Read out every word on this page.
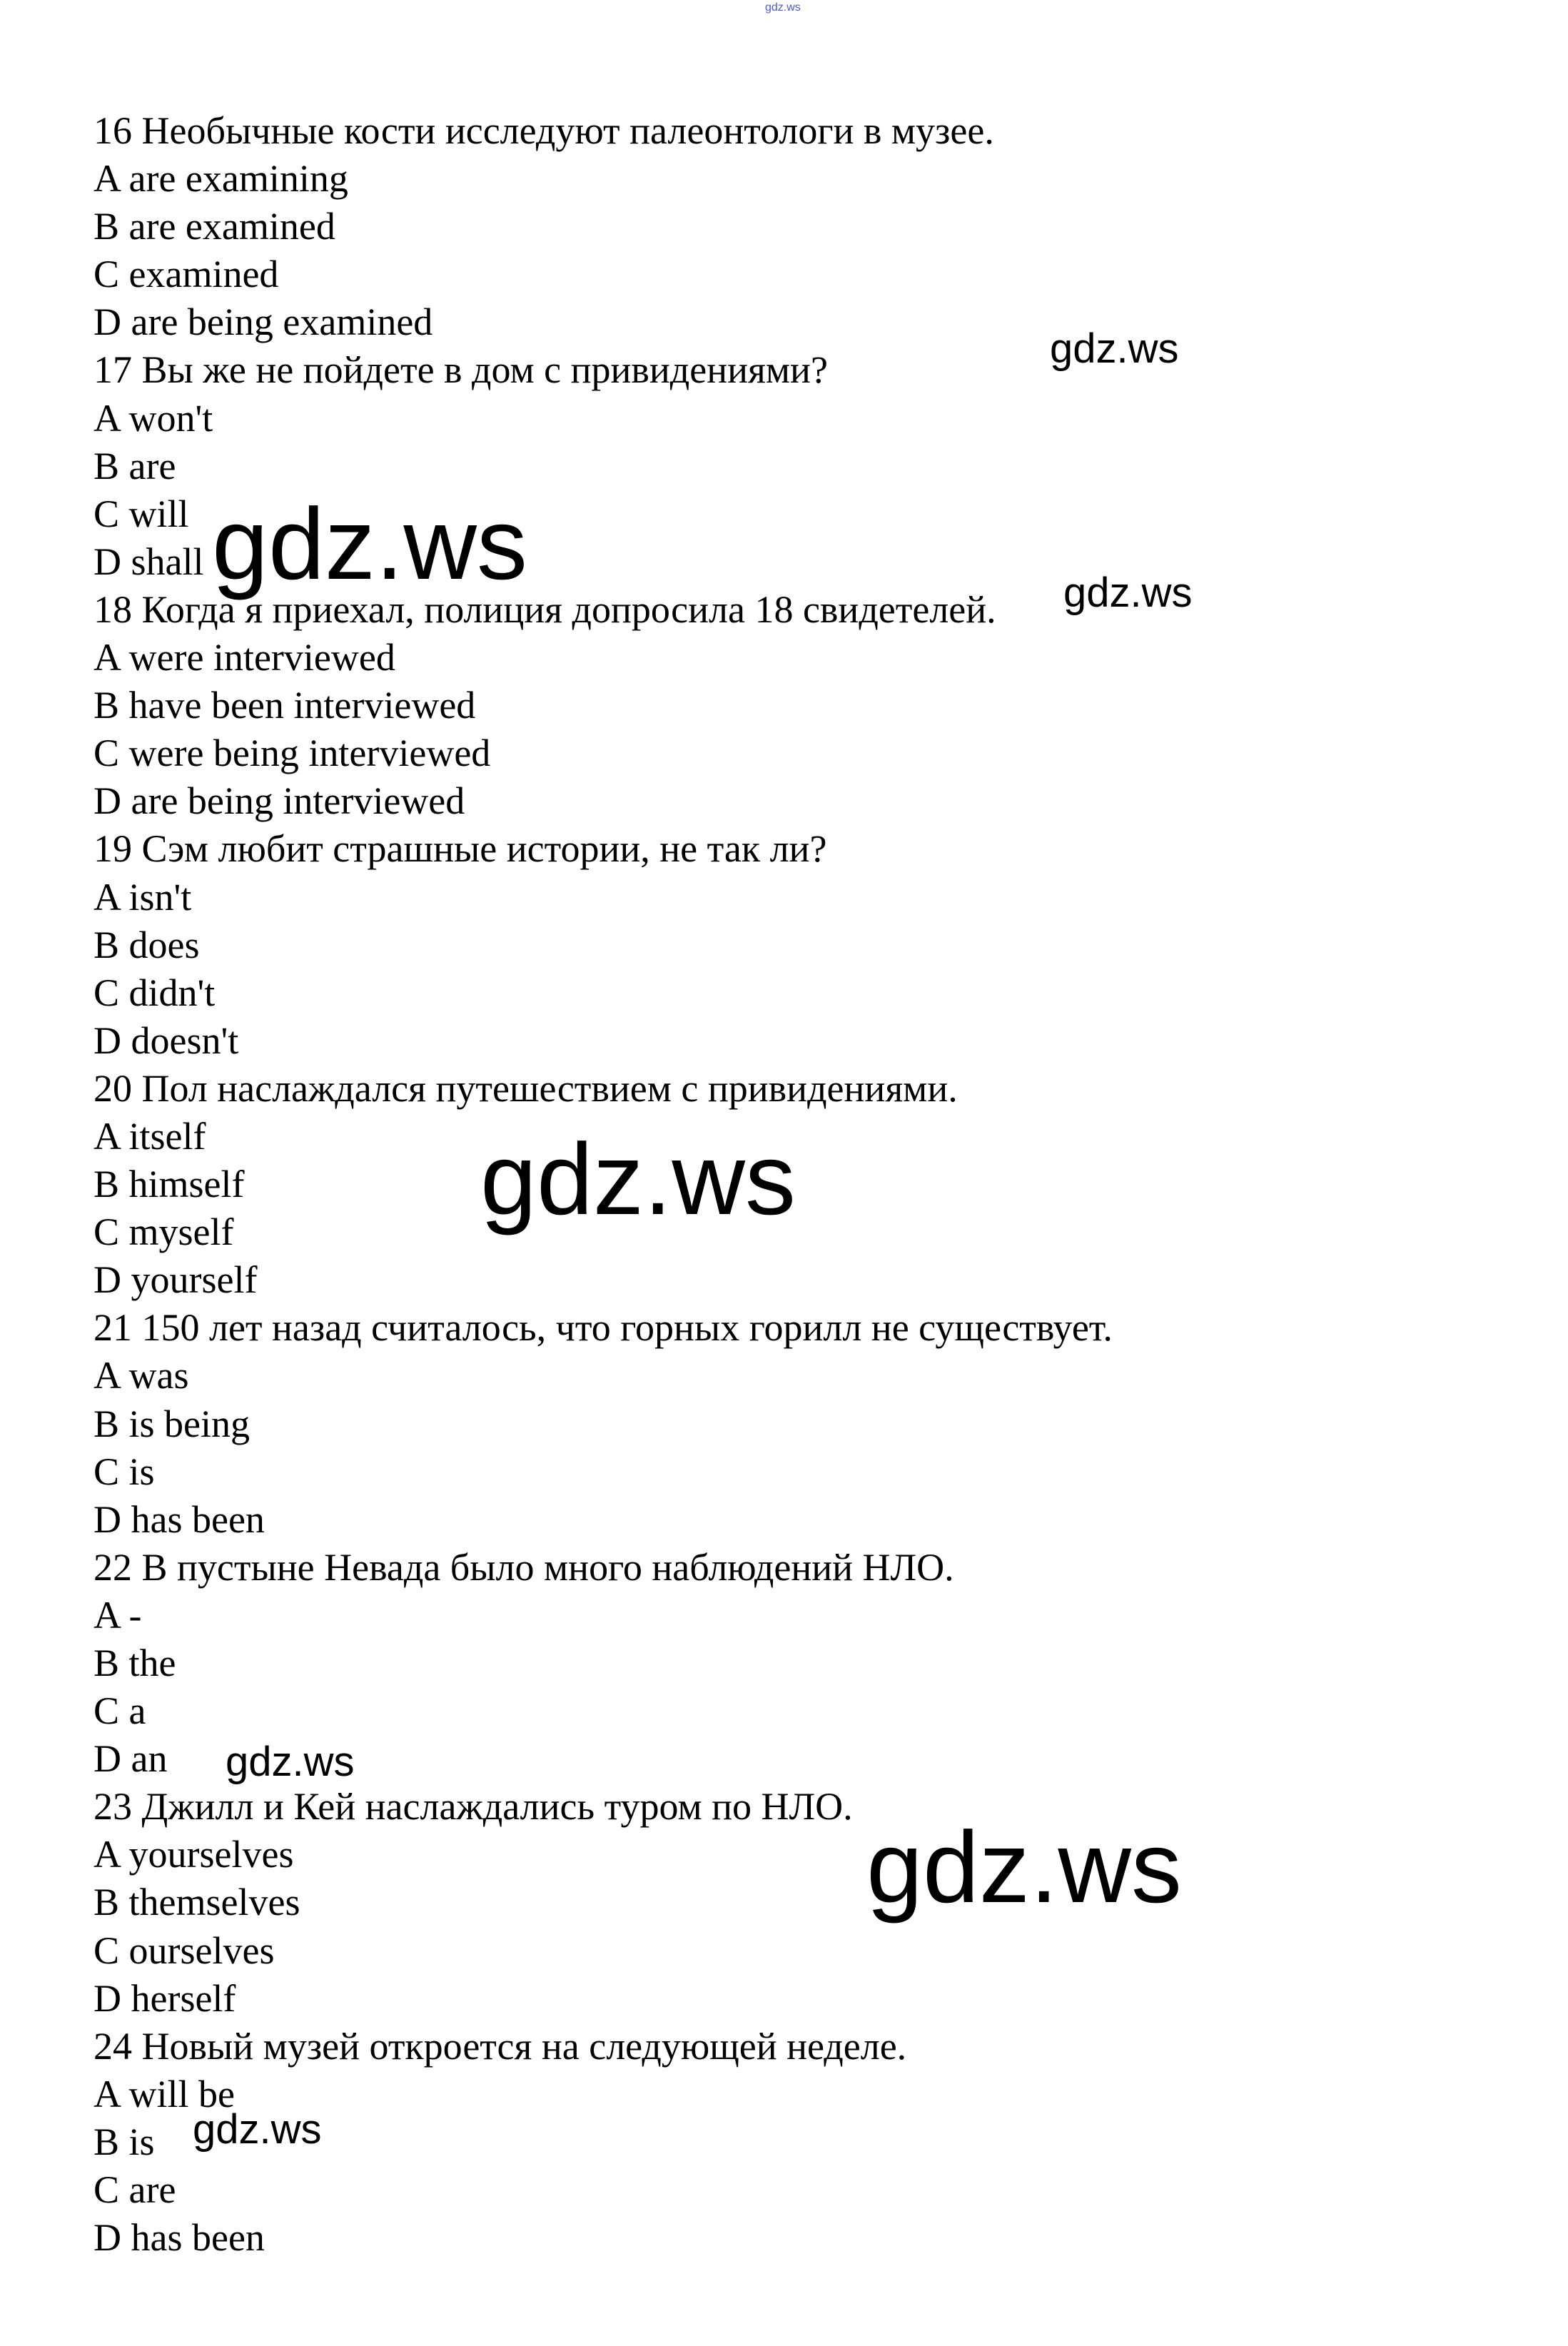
gdz.ws
16 Необычные кости исследуют палеонтологи в музее.
A are examining
B are examined
C examined
D are being examined
17 Вы же не пойдете в дом с привидениями?
A won't
B are
C will
D shall
18 Когда я приехал, полиция допросила 18 свидетелей.
A were interviewed
B have been interviewed
C were being interviewed
D are being interviewed
19 Сэм любит страшные истории, не так ли?
A isn't
B does
C didn't
D doesn't
20 Пол наслаждался путешествием с привидениями.
A itself
B himself
C myself
D yourself
21 150 лет назад считалось, что горных горилл не существует.
A was
B is being
C is
D has been
22 В пустыне Невада было много наблюдений НЛО.
A -
B the
C a
D an
23 Джилл и Кей наслаждались туром по НЛО.
A yourselves
B themselves
C ourselves
D herself
24 Новый музей откроется на следующей неделе.
A will be
B is
C are
D has been
gdz.ws
gdz.ws	gdz.ws
gdz.ws
gdz.ws
gdz.ws
gdz.ws
